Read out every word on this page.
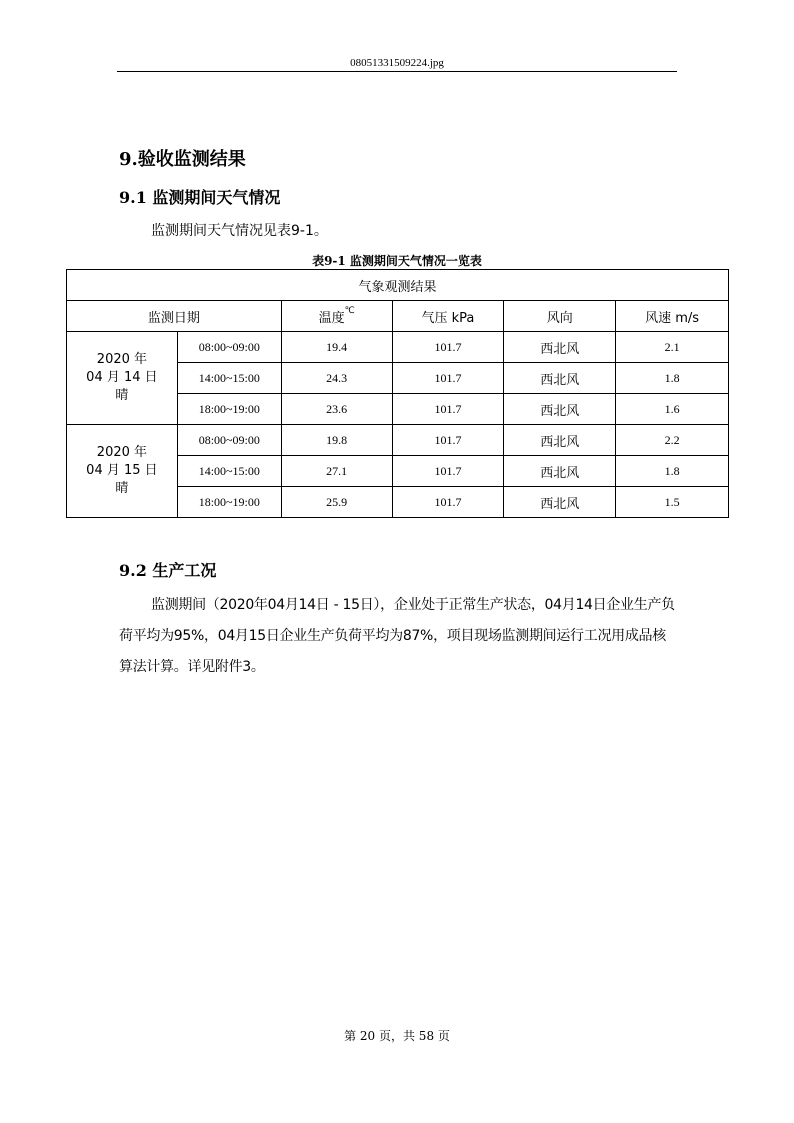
08051331509224.jpg
9.验收监测结果
9.1 监测期间天气情况
监测期间天气情况见表9-1。
表9-1 监测期间天气情况一览表
气象观测结果					
监测日期		温度℃	气压 kPa	风向	风速 m/s

2020 年
04 月 14 日
晴	08:00~09:00	19.4	101.7	西北风	2.1
	14:00~15:00	24.3	101.7	西北风	1.8
	18:00~19:00	23.6	101.7	西北风	1.6

2020 年
04 月 15 日
晴	08:00~09:00	19.8	101.7	西北风	2.2
	14:00~15:00	27.1	101.7	西北风	1.8
	18:00~19:00	25.9	101.7	西北风	1.5
9.2 生产工况
监测期间（2020年04月14日 - 15日），企业处于正常生产状态，04月14日企业生产负荷平均为95%，04月15日企业生产负荷平均为87%，项目现场监测期间运行工况用成品核算法计算。详见附件3。
第 20 页，共 58 页
